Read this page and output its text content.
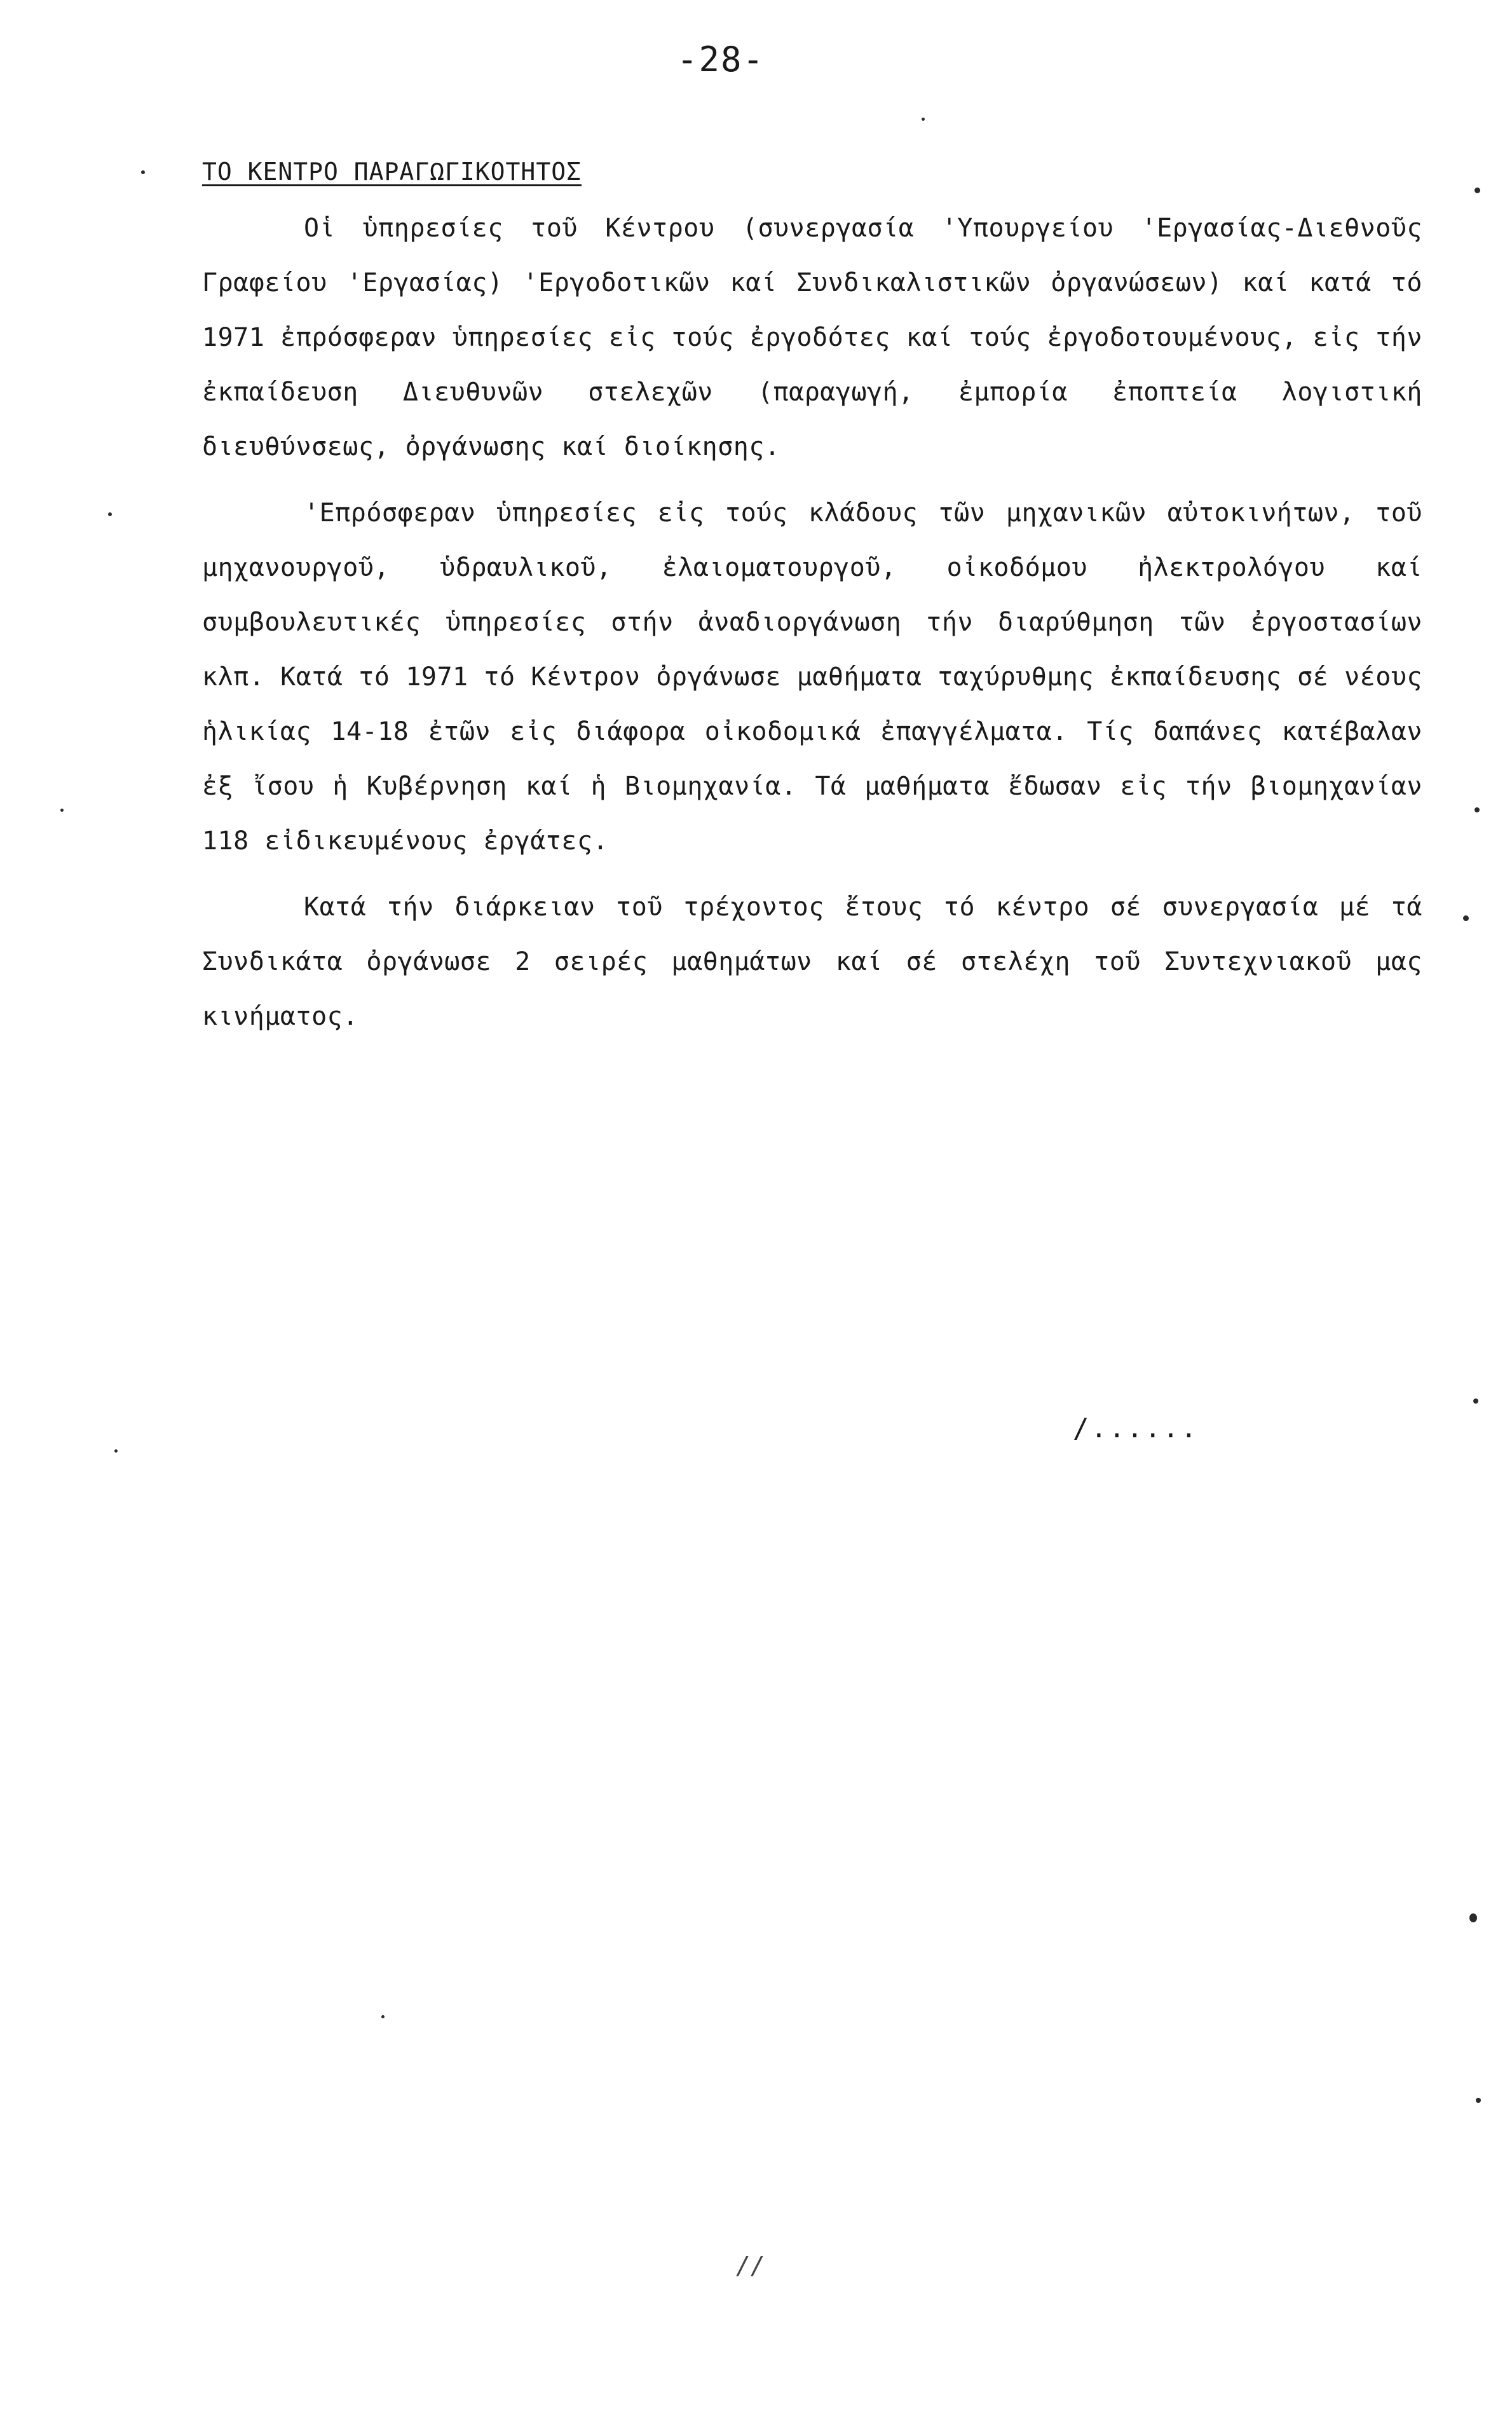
-28-
ΤΟ ΚΕΝΤΡΟ ΠΑΡΑΓΩΓΙΚΟΤΗΤΟΣ

Οἱ ὑπηρεσίες τοῦ Κέντρου (συνεργασία 'Υπουργείου 'Εργασίας-Διεθνοῦς Γραφείου 'Εργασίας) 'Εργοδοτικῶν καί Συνδικαλιστικῶν ὀργανώσεων) καί κατά τό 1971 ἐπρόσφεραν ὑπηρεσίες εἰς τούς ἐργοδότες καί τούς ἐργοδοτουμένους, εἰς τήν ἐκπαίδευση Διευθυνῶν στελεχῶν (παραγωγή, ἐμπορία ἐποπτεία λογιστική διευθύνσεως, ὀργάνωσης καί διοίκησης.

'Επρόσφεραν ὑπηρεσίες εἰς τούς κλάδους τῶν μηχανικῶν αὐτοκινήτων, τοῦ μηχανουργοῦ, ὑδραυλικοῦ, ἐλαιοματουργοῦ, οἰκοδόμου ἠλεκτρολόγου καί συμβουλευτικές ὑπηρεσίες στήν ἀναδιοργάνωση τήν διαρύθμηση τῶν ἐργοστασίων κλπ. Κατά τό 1971 τό Κέντρον ὀργάνωσε μαθήματα ταχύρυθμης ἐκπαίδευσης σέ νέους ἡλικίας 14-18 ἐτῶν εἰς διάφορα οἰκοδομικά ἐπαγγέλματα. Τίς δαπάνες κατέβαλαν ἐξ ἴσου ἡ Κυβέρνηση καί ἡ Βιομηχανία. Τά μαθήματα ἔδωσαν εἰς τήν βιομηχανίαν 118 εἰδικευμένους ἐργάτες.

Κατά τήν διάρκειαν τοῦ τρέχοντος ἔτους τό κέντρο σέ συνεργασία μέ τά Συνδικάτα ὀργάνωσε 2 σειρές μαθημάτων καί σέ στελέχη τοῦ Συντεχνιακοῦ μας κινήματος.

/......
//
